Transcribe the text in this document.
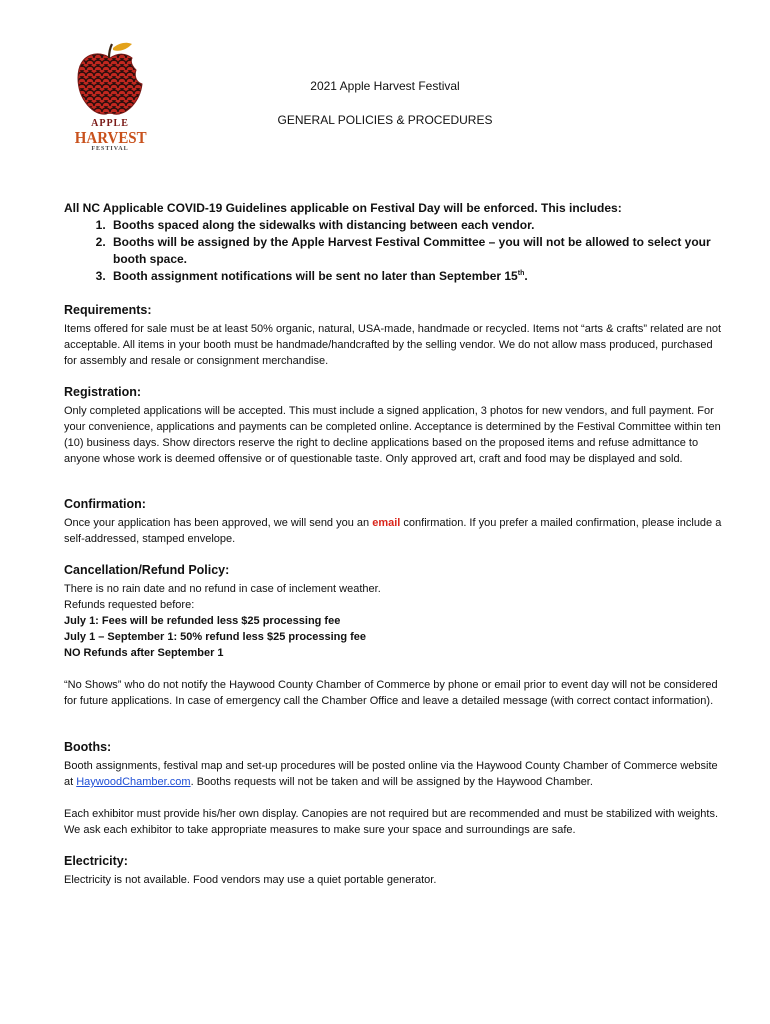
APPLE
HARVEST
FESTIVAL
2021 Apple Harvest Festival
GENERAL POLICIES & PROCEDURES
All NC Applicable COVID-19 Guidelines applicable on Festival Day will be enforced. This includes:
1. Booths spaced along the sidewalks with distancing between each vendor.
2. Booths will be assigned by the Apple Harvest Festival Committee – you will not be allowed to select your booth space.
3. Booth assignment notifications will be sent no later than September 15th.
Requirements:

Items offered for sale must be at least 50% organic, natural, USA-made, handmade or recycled. Items not “arts & crafts” related are not acceptable. All items in your booth must be handmade/handcrafted by the selling vendor. We do not allow mass produced, purchased for assembly and resale or consignment merchandise.

Registration:

Only completed applications will be accepted. This must include a signed application, 3 photos for new vendors, and full payment. For your convenience, applications and payments can be completed online. Acceptance is determined by the Festival Committee within ten (10) business days. Show directors reserve the right to decline applications based on the proposed items and refuse admittance to anyone whose work is deemed offensive or of questionable taste. Only approved art, craft and food may be displayed and sold.

Confirmation:

Once your application has been approved, we will send you an email confirmation. If you prefer a mailed confirmation, please include a self-addressed, stamped envelope.

Cancellation/Refund Policy:

There is no rain date and no refund in case of inclement weather.

Refunds requested before:

July 1: Fees will be refunded less $25 processing fee

July 1 – September 1: 50% refund less $25 processing fee

NO Refunds after September 1

“No Shows” who do not notify the Haywood County Chamber of Commerce by phone or email prior to event day will not be considered for future applications. In case of emergency call the Chamber Office and leave a detailed message (with correct contact information).

Booths:

Booth assignments, festival map and set-up procedures will be posted online via the Haywood County Chamber of Commerce website at HaywoodChamber.com. Booths requests will not be taken and will be assigned by the Haywood Chamber.

Each exhibitor must provide his/her own display. Canopies are not required but are recommended and must be stabilized with weights. We ask each exhibitor to take appropriate measures to make sure your space and surroundings are safe.

Electricity:

Electricity is not available. Food vendors may use a quiet portable generator.
